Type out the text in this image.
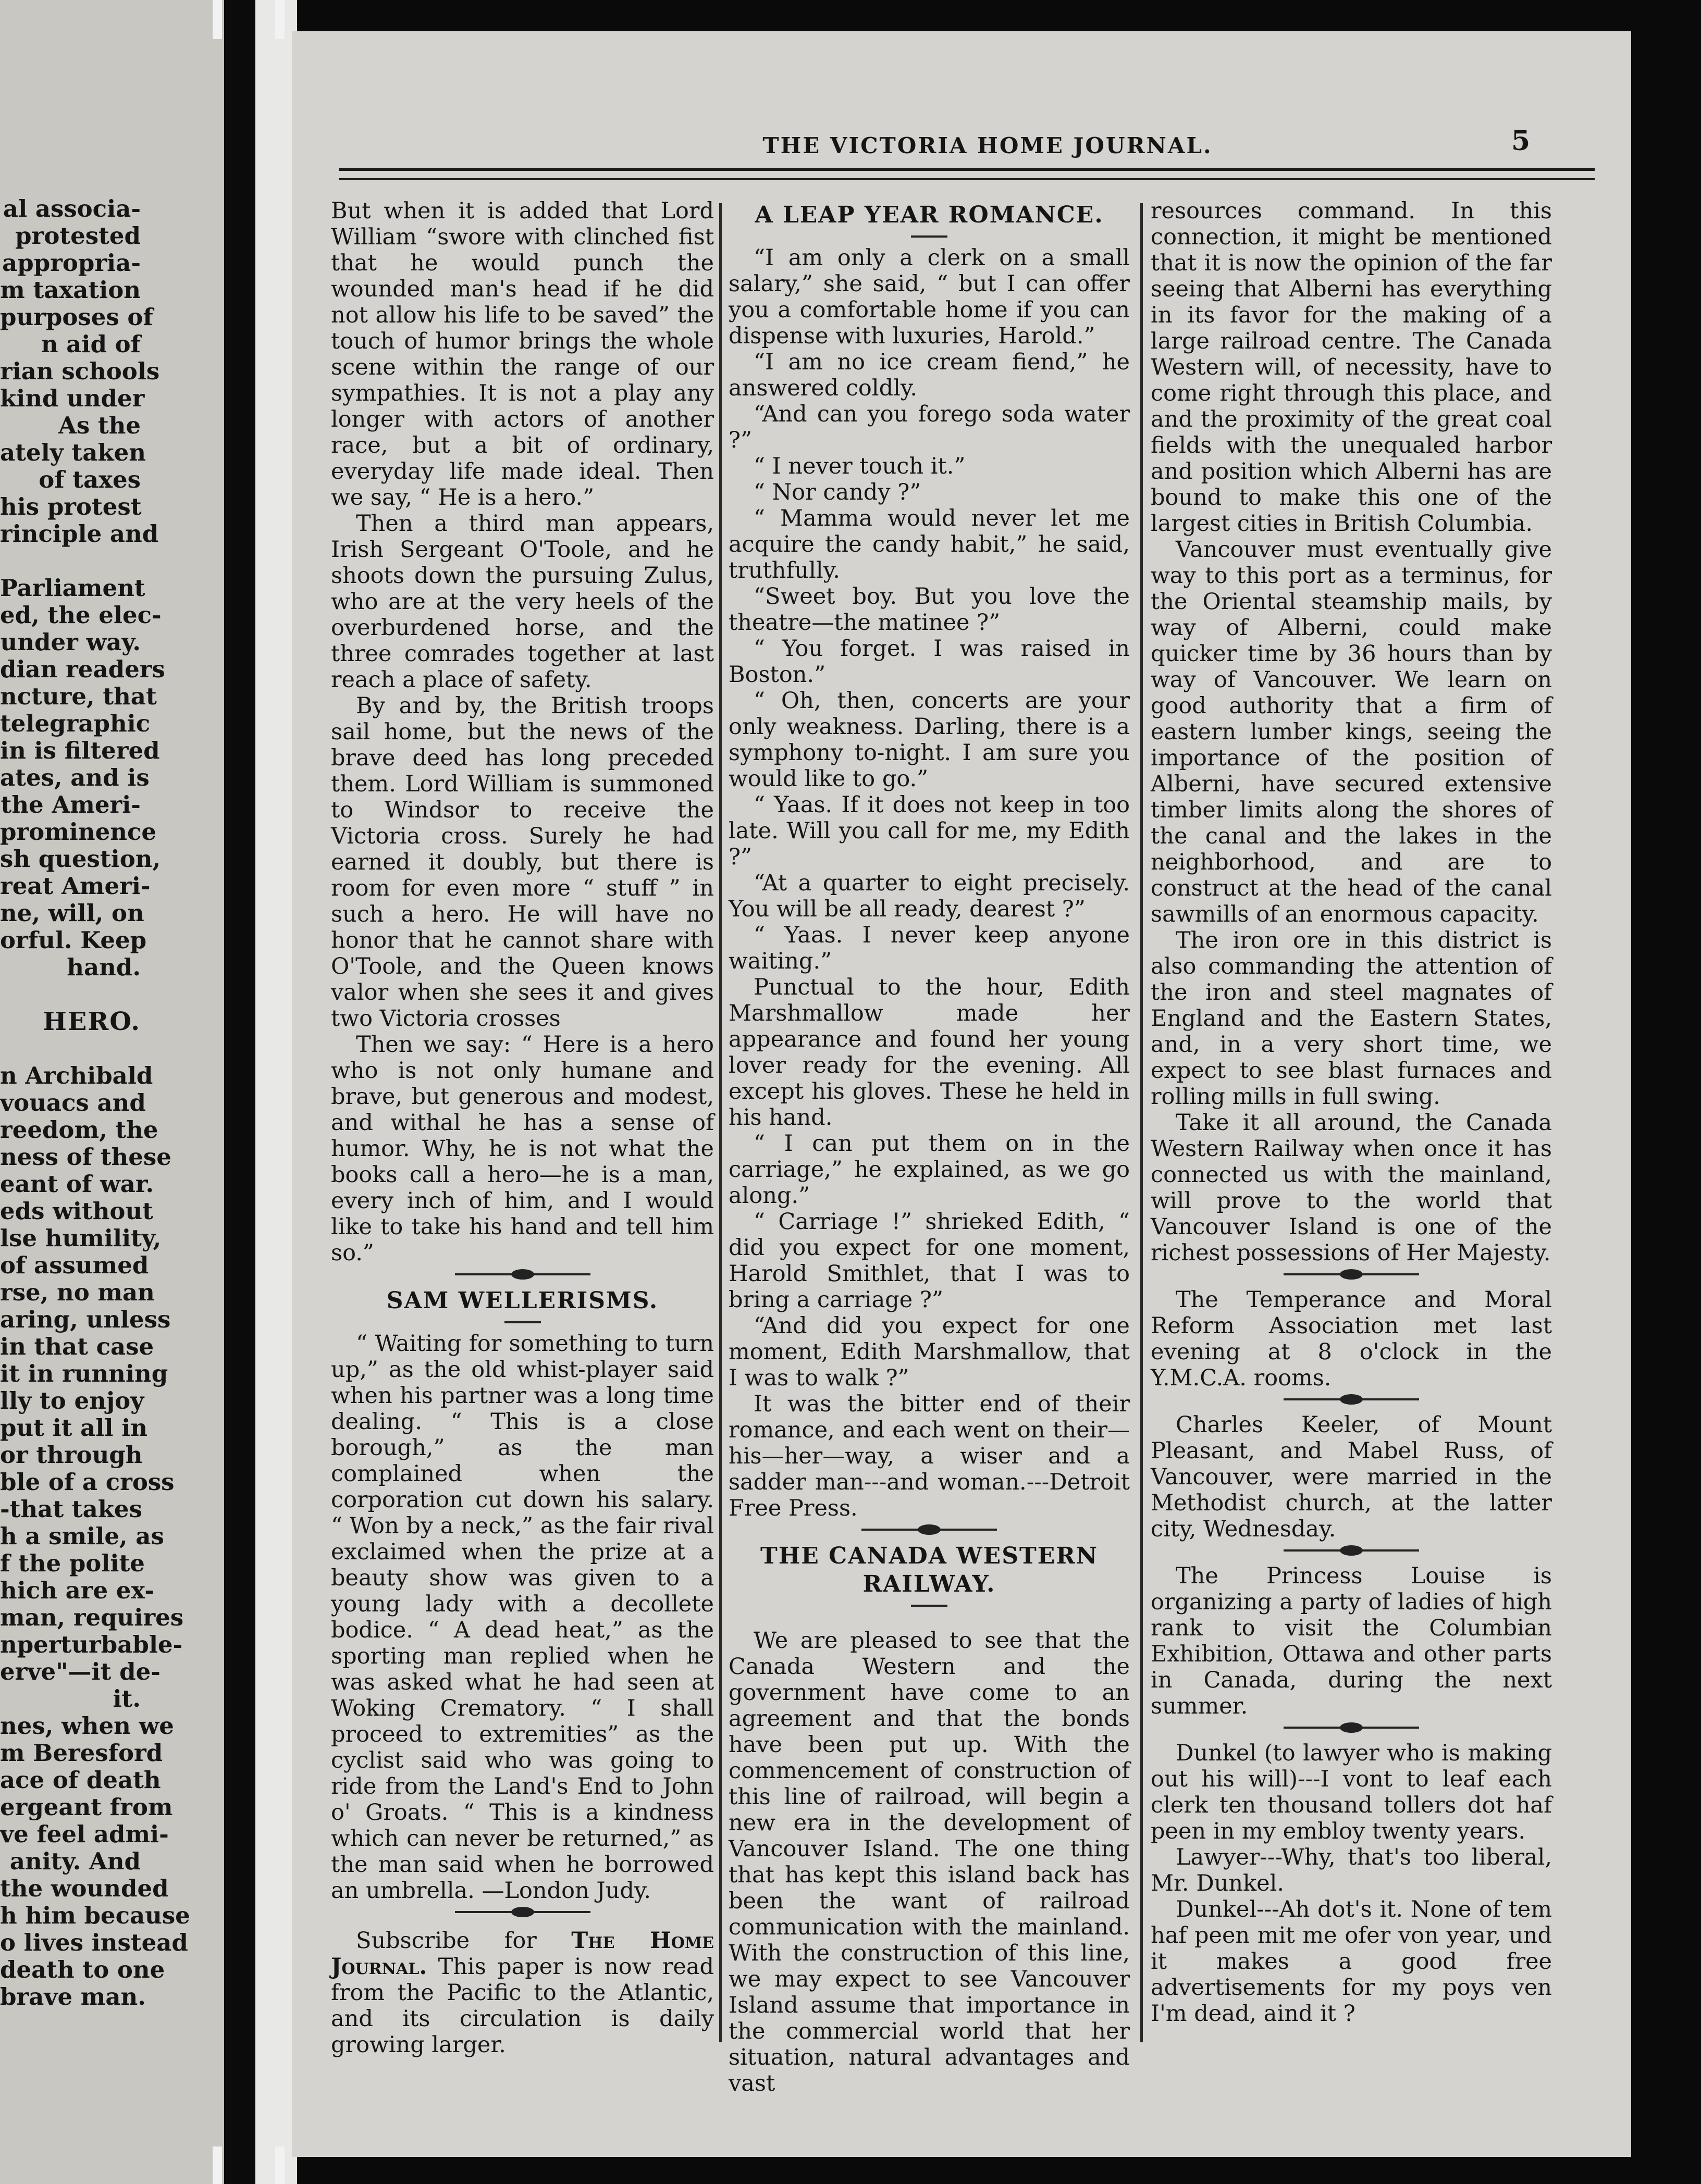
al associa-
protested
appropria-
m taxation
purposes of
n aid of
rian schools
kind under
As the
ately taken
of taxes
his protest
rinciple and
Parliament
ed, the elec-
under way.
dian readers
ncture, that
telegraphic
in is filtered
ates, and is
the Ameri-
prominence
sh question,
reat Ameri-
ne, will, on
orful. Keep
hand.
HERO.
n Archibald
vouacs and
reedom, the
ness of these
eant of war.
eds without
lse humility,
of assumed
rse, no man
aring, unless
in that case
it in running
lly to enjoy
put it all in
or through
ble of a cross
-that takes
h a smile, as
f the polite
hich are ex-
man, requires
nperturbable-
erve"—it de-
it.
nes, when we
m Beresford
ace of death
ergeant from
ve feel admi-
anity. And
the wounded
h him because
o lives instead
death to one
brave man.
THE VICTORIA HOME JOURNAL.	5

But when it is added that Lord William “swore with clinched fist that he would punch the wounded man's head if he did not allow his life to be saved” the touch of humor brings the whole scene within the range of our sympathies. It is not a play any longer with actors of another race, but a bit of ordinary, everyday life made ideal. Then we say, “ He is a hero.”

Then a third man appears, Irish Sergeant O'Toole, and he shoots down the pursuing Zulus, who are at the very heels of the overburdened horse, and the three comrades together at last reach a place of safety.

By and by, the British troops sail home, but the news of the brave deed has long preceded them. Lord William is summoned to Windsor to receive the Victoria cross. Surely he had earned it doubly, but there is room for even more “ stuff ” in such a hero. He will have no honor that he cannot share with O'Toole, and the Queen knows valor when she sees it and gives two Victoria crosses

Then we say: “ Here is a hero who is not only humane and brave, but generous and modest, and withal he has a sense of humor. Why, he is not what the books call a hero—he is a man, every inch of him, and I would like to take his hand and tell him so.”

SAM WELLERISMS.

“ Waiting for something to turn up,” as the old whist-player said when his partner was a long time dealing. “ This is a close borough,” as the man complained when the corporation cut down his salary. “ Won by a neck,” as the fair rival exclaimed when the prize at a beauty show was given to a young lady with a decollete bodice. “ A dead heat,” as the sporting man replied when he was asked what he had seen at Woking Crematory. “ I shall proceed to extremities” as the cyclist said who was going to ride from the Land's End to John o' Groats. “ This is a kindness which can never be returned,” as the man said when he borrowed an umbrella. —London Judy.

Subscribe for The Home Journal. This paper is now read from the Pacific to the Atlantic, and its circulation is daily growing larger.

A LEAP YEAR ROMANCE.

“I am only a clerk on a small salary,” she said, “ but I can offer you a comfortable home if you can dispense with luxuries, Harold.”

“I am no ice cream fiend,” he answered coldly.

“And can you forego soda water ?”

“ I never touch it.”

“ Nor candy ?”

“ Mamma would never let me acquire the candy habit,” he said, truthfully.

“Sweet boy. But you love the theatre—the matinee ?”

“ You forget. I was raised in Boston.”

“ Oh, then, concerts are your only weakness. Darling, there is a symphony to-night. I am sure you would like to go.”

“ Yaas. If it does not keep in too late. Will you call for me, my Edith ?”

“At a quarter to eight precisely. You will be all ready, dearest ?”

“ Yaas. I never keep anyone waiting.”

Punctual to the hour, Edith Marshmallow made her appearance and found her young lover ready for the evening. All except his gloves. These he held in his hand.

“ I can put them on in the carriage,” he explained, as we go along.”

“ Carriage !” shrieked Edith, “ did you expect for one moment, Harold Smithlet, that I was to bring a carriage ?”

“And did you expect for one moment, Edith Marshmallow, that I was to walk ?”

It was the bitter end of their romance, and each went on their—his—her—way, a wiser and a sadder man---and woman.---Detroit Free Press.

THE CANADA WESTERN RAILWAY.

We are pleased to see that the Canada Western and the government have come to an agreement and that the bonds have been put up. With the commencement of construction of this line of railroad, will begin a new era in the development of Vancouver Island. The one thing that has kept this island back has been the want of railroad communication with the mainland. With the construction of this line, we may expect to see Vancouver Island assume that importance in the commercial world that her situation, natural advantages and vast

resources command. In this connection, it might be mentioned that it is now the opinion of the far seeing that Alberni has everything in its favor for the making of a large railroad centre. The Canada Western will, of necessity, have to come right through this place, and and the proximity of the great coal fields with the unequaled harbor and position which Alberni has are bound to make this one of the largest cities in British Columbia.

Vancouver must eventually give way to this port as a terminus, for the Oriental steamship mails, by way of Alberni, could make quicker time by 36 hours than by way of Vancouver. We learn on good authority that a firm of eastern lumber kings, seeing the importance of the position of Alberni, have secured extensive timber limits along the shores of the canal and the lakes in the neighborhood, and are to construct at the head of the canal sawmills of an enormous capacity.

The iron ore in this district is also commanding the attention of the iron and steel magnates of England and the Eastern States, and, in a very short time, we expect to see blast furnaces and rolling mills in full swing.

Take it all around, the Canada Western Railway when once it has connected us with the mainland, will prove to the world that Vancouver Island is one of the richest possessions of Her Majesty.

The Temperance and Moral Reform Association met last evening at 8 o'clock in the Y.M.C.A. rooms.

Charles Keeler, of Mount Pleasant, and Mabel Russ, of Vancouver, were married in the Methodist church, at the latter city, Wednesday.

The Princess Louise is organizing a party of ladies of high rank to visit the Columbian Exhibition, Ottawa and other parts in Canada, during the next summer.

Dunkel (to lawyer who is making out his will)---I vont to leaf each clerk ten thousand tollers dot haf peen in my embloy twenty years.

Lawyer---Why, that's too liberal, Mr. Dunkel.

Dunkel---Ah dot's it. None of tem haf peen mit me ofer von year, und it makes a good free advertisements for my poys ven I'm dead, aind it ?
